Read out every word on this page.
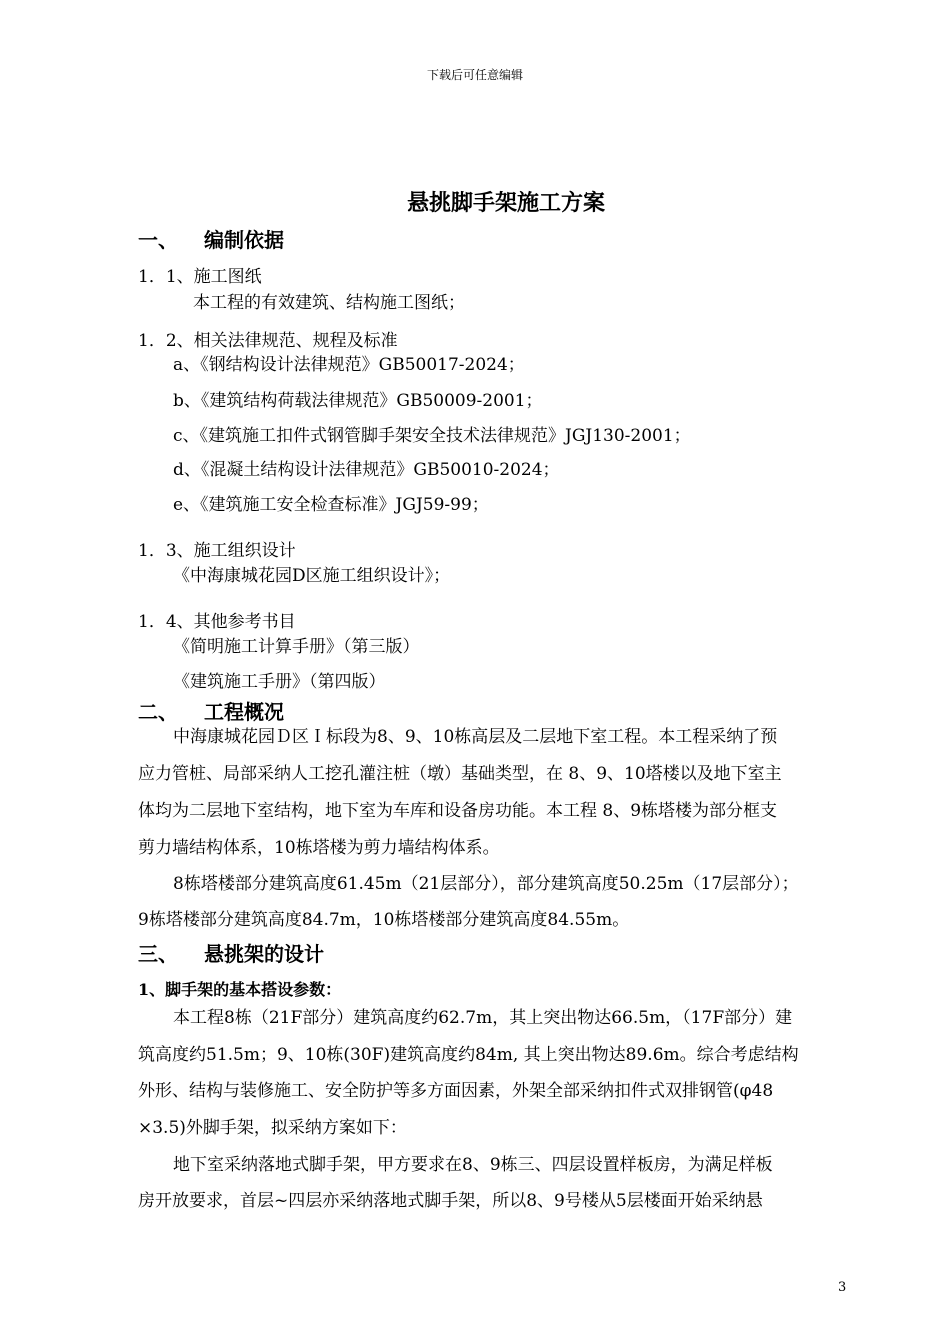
下载后可任意编辑
悬挑脚手架施工方案
一、 编制依据
1．1、施工图纸
本工程的有效建筑、结构施工图纸；
1．2、相关法律规范、规程及标准
a、《钢结构设计法律规范》GB50017-2024；
b、《建筑结构荷载法律规范》GB50009-2001；
c、《建筑施工扣件式钢管脚手架安全技术法律规范》JGJ130-2001；
d、《混凝土结构设计法律规范》GB50010-2024；
e、《建筑施工安全检查标准》JGJ59-99；
1．3、施工组织设计
《中海康城花园D区施工组织设计》；
1．4、其他参考书目
《简明施工计算手册》（第三版）
《建筑施工手册》（第四版）
二、 工程概况
中海康城花园Ｄ区Ｉ标段为8、9、10栋高层及二层地下室工程。本工程采纳了预
应力管桩、局部采纳人工挖孔灌注桩（墩）基础类型，在 8、9、10塔楼以及地下室主
体均为二层地下室结构，地下室为车库和设备房功能。本工程 8、9栋塔楼为部分框支
剪力墙结构体系，10栋塔楼为剪力墙结构体系。
8栋塔楼部分建筑高度61.45m（21层部分），部分建筑高度50.25m（17层部分）；
9栋塔楼部分建筑高度84.7m，10栋塔楼部分建筑高度84.55m。
三、 悬挑架的设计
1、脚手架的基本搭设参数：
本工程8栋（21F部分）建筑高度约62.7m，其上突出物达66.5m，（17F部分）建
筑高度约51.5m；9、10栋(30F)建筑高度约84m, 其上突出物达89.6m。综合考虑结构
外形、结构与装修施工、安全防护等多方面因素，外架全部采纳扣件式双排钢管(φ48
×3.5)外脚手架，拟采纳方案如下：
地下室采纳落地式脚手架，甲方要求在8、9栋三、四层设置样板房，为满足样板
房开放要求，首层~四层亦采纳落地式脚手架，所以8、9号楼从5层楼面开始采纳悬
3
